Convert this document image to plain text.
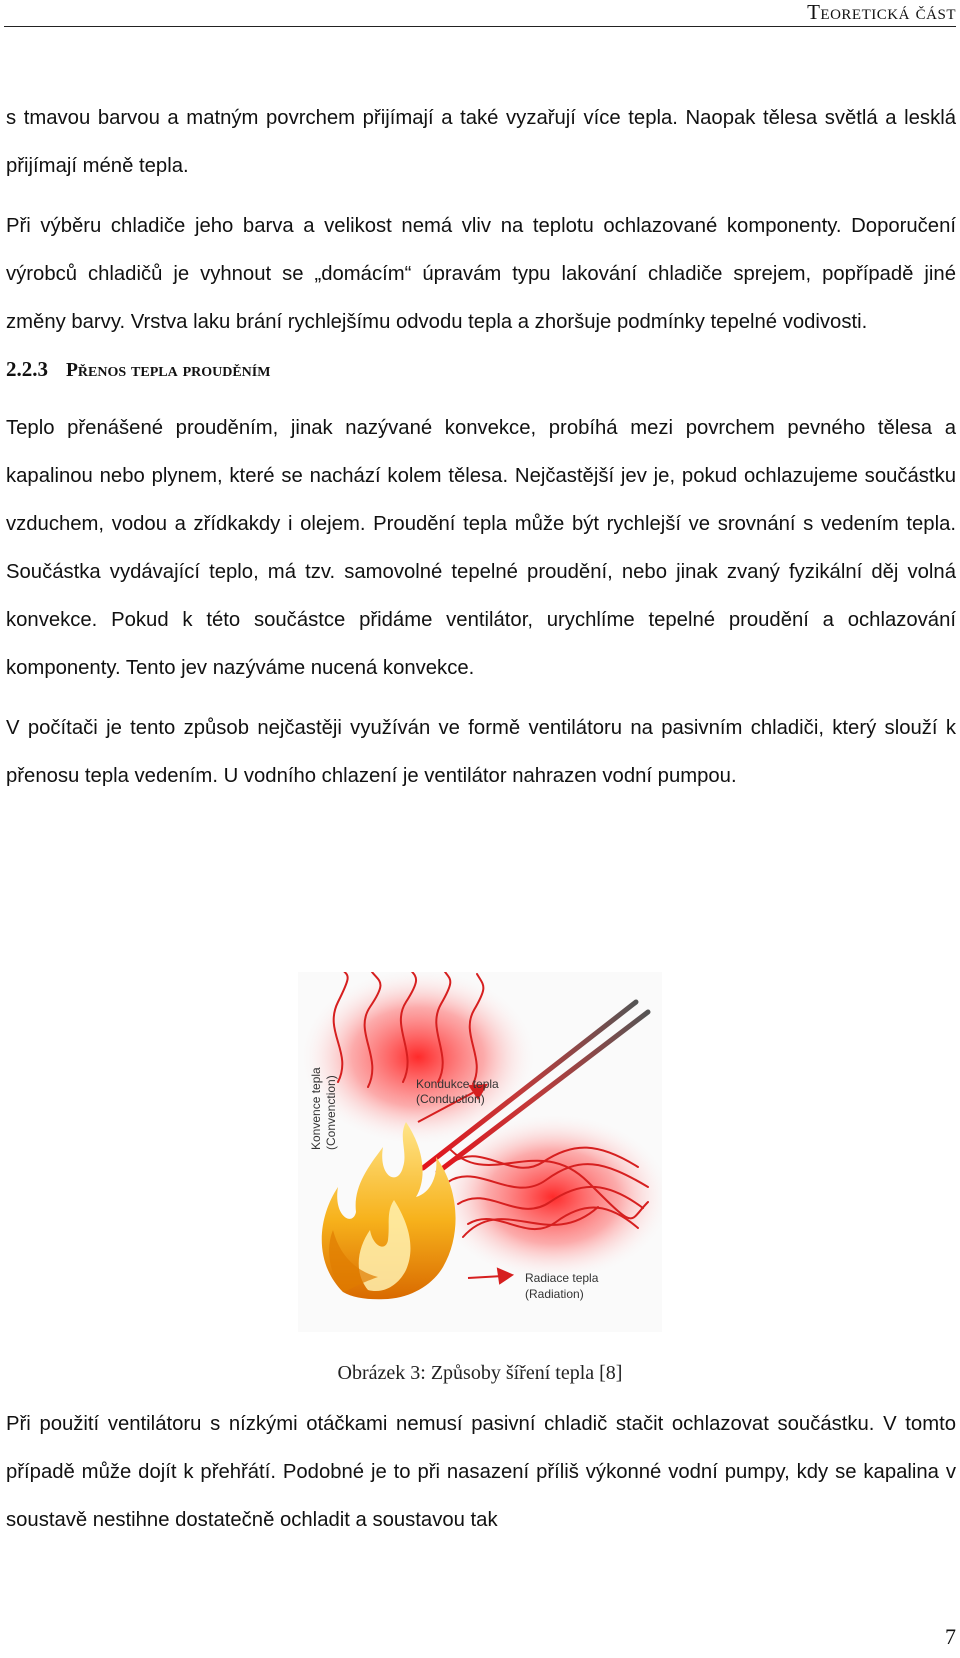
Teoretická část

s tmavou barvou a matným povrchem přijímají a také vyzařují více tepla. Naopak tělesa světlá a lesklá přijímají méně tepla.

Při výběru chladiče jeho barva a velikost nemá vliv na teplotu ochlazované komponenty. Doporučení výrobců chladičů je vyhnout se „domácím“ úpravám typu lakování chladiče sprejem, popřípadě jiné změny barvy. Vrstva laku brání rychlejšímu odvodu tepla a zhoršuje podmínky tepelné vodivosti.

2.2.3 Přenos tepla prouděním

Teplo přenášené prouděním, jinak nazývané konvekce, probíhá mezi povrchem pevného tělesa a kapalinou nebo plynem, které se nachází kolem tělesa. Nejčastější jev je, pokud ochlazujeme součástku vzduchem, vodou a zřídkakdy i olejem. Proudění tepla může být rychlejší ve srovnání s vedením tepla. Součástka vydávající teplo, má tzv. samovolné tepelné proudění, nebo jinak zvaný fyzikální děj volná konvekce. Pokud k této součástce přidáme ventilátor, urychlíme tepelné proudění a ochlazování komponenty. Tento jev nazýváme nucená konvekce.

V počítači je tento způsob nejčastěji využíván ve formě ventilátoru na pasivním chladiči, který slouží k přenosu tepla vedením. U vodního chlazení je ventilátor nahrazen vodní pumpou.

Konvence tepla (Convenction)	Kondukce tepla
(Conduction)
Radiace tepla
(Radiation)
Obrázek 3: Způsoby šíření tepla [8]

Při použití ventilátoru s nízkými otáčkami nemusí pasivní chladič stačit ochlazovat součástku. V tomto případě může dojít k přehřátí. Podobné je to při nasazení příliš výkonné vodní pumpy, kdy se kapalina v soustavě nestihne dostatečně ochladit a soustavou tak

7
